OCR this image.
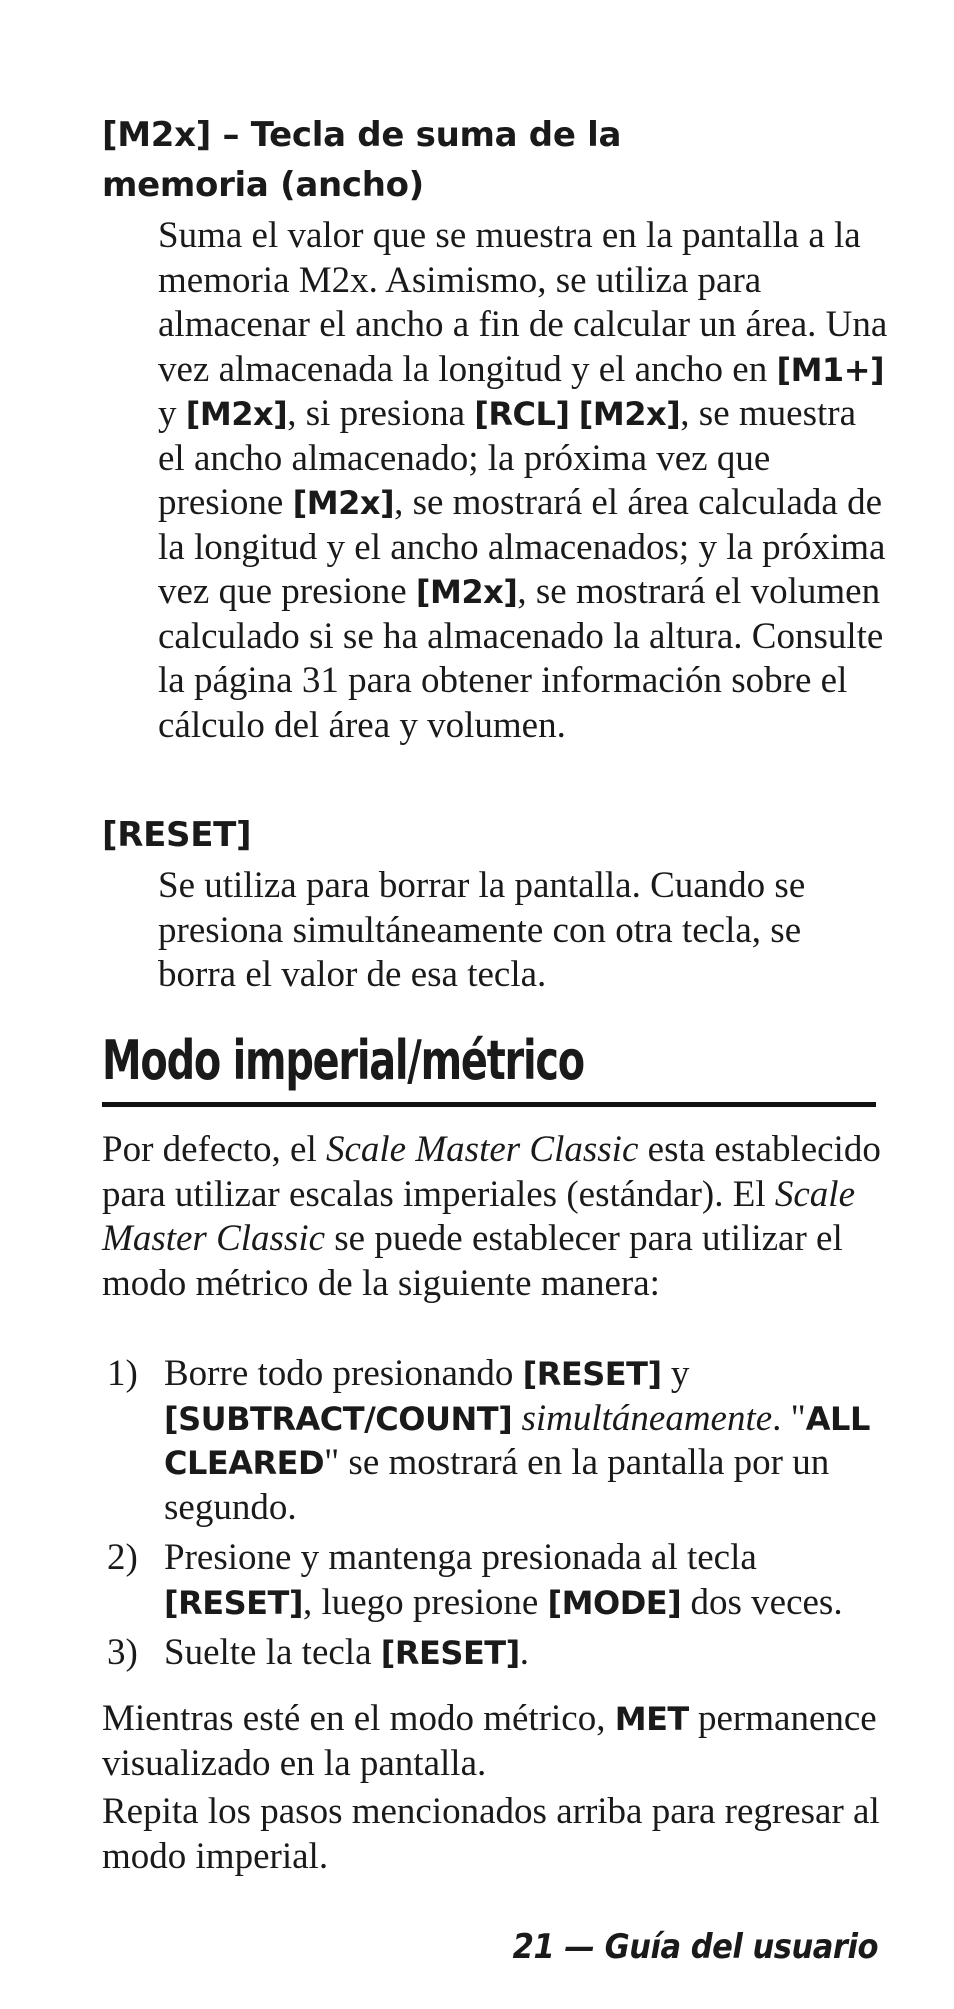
[M2x] – Tecla de suma de la
memoria (ancho)

Suma el valor que se muestra en la pantalla a la memoria M2x. Asimismo, se utiliza para almacenar el ancho a fin de calcular un área. Una vez almacenada la longitud y el ancho en [M1+] y [M2x], si presiona [RCL] [M2x], se muestra el ancho almacenado; la próxima vez que presione [M2x], se mostrará el área calculada de la longitud y el ancho almacenados; y la próxima vez que presione [M2x], se mostrará el volumen calculado si se ha almacenado la altura. Consulte la página 31 para obtener información sobre el cálculo del área y volumen.

[RESET]

Se utiliza para borrar la pantalla. Cuando se presiona simultáneamente con otra tecla, se borra el valor de esa tecla.

Modo imperial/métrico

Por defecto, el Scale Master Classic esta establecido para utilizar escalas imperiales (estándar). El Scale Master Classic se puede establecer para utilizar el modo métrico de la siguiente manera:

1) Borre todo presionando [RESET] y [SUBTRACT/COUNT] simultáneamente. "ALL CLEARED" se mostrará en la pantalla por un segundo.
2) Presione y mantenga presionada al tecla [RESET], luego presione [MODE] dos veces.
3) Suelte la tecla [RESET].

Mientras esté en el modo métrico, MET permanence visualizado en la pantalla.

Repita los pasos mencionados arriba para regresar al modo imperial.

21 — Guía del usuario
